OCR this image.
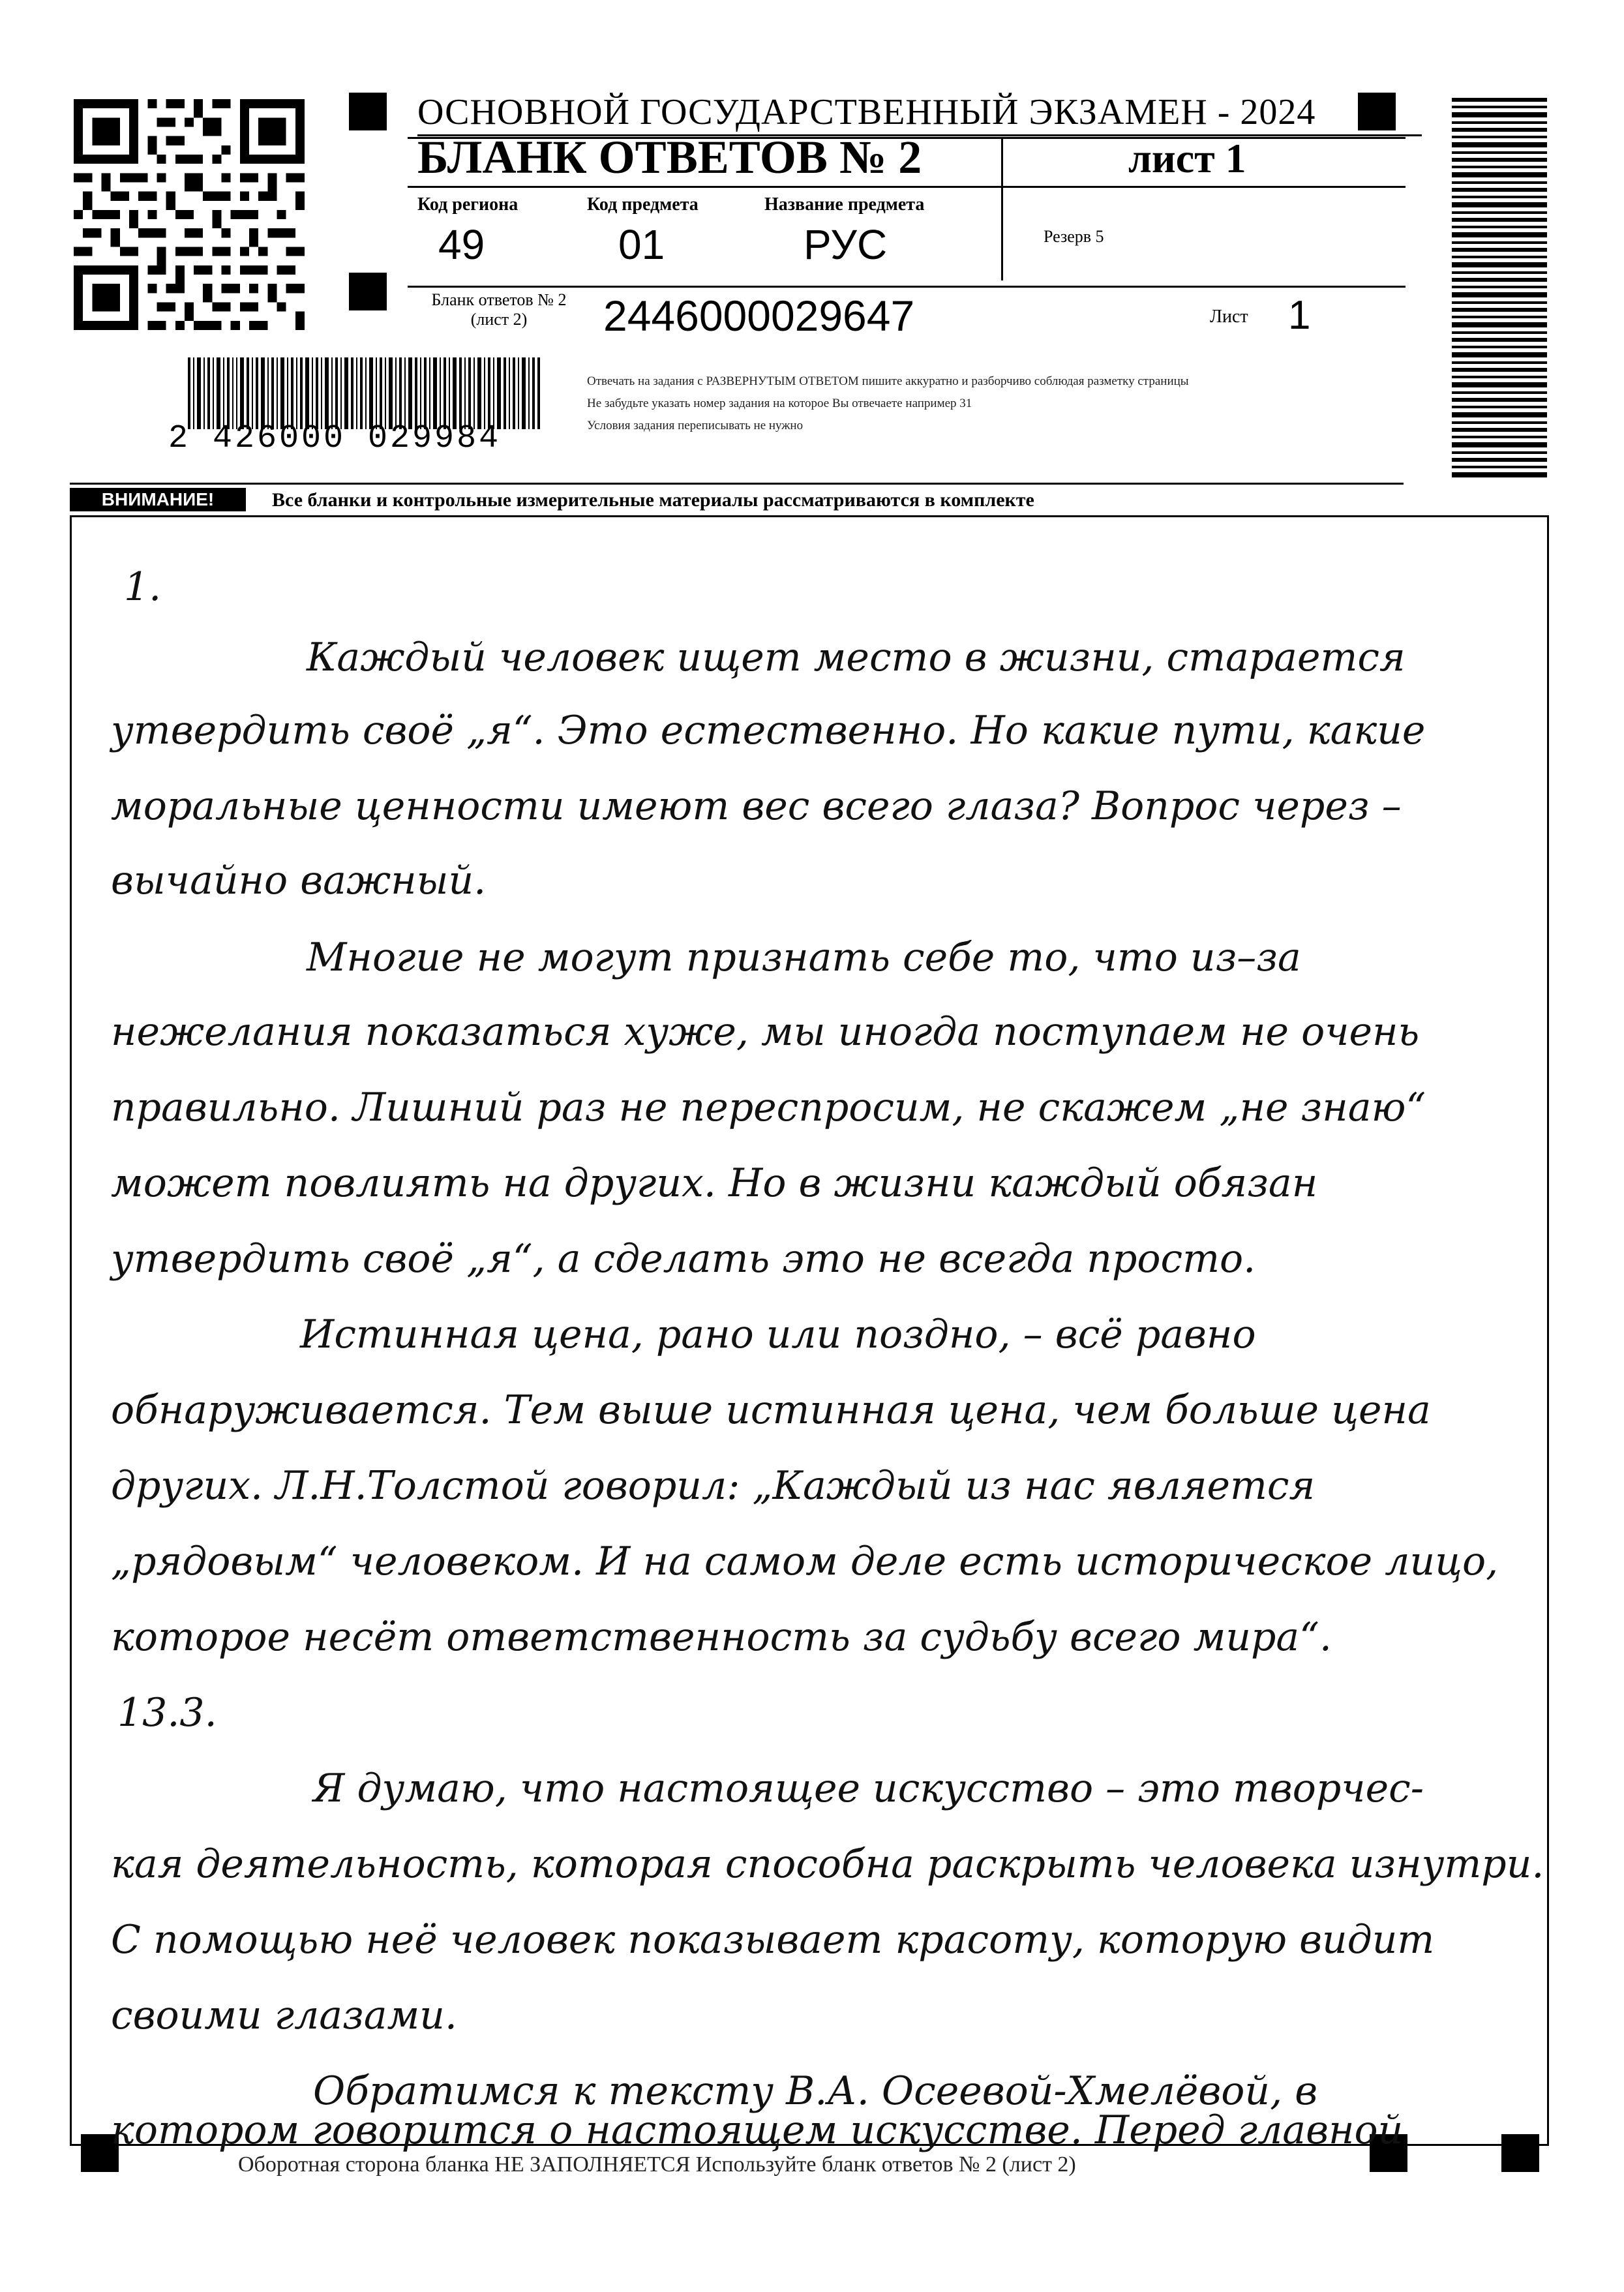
2 426000 029984
ОСНОВНОЙ ГОСУДАРСТВЕННЫЙ ЭКЗАМЕН - 2024
БЛАНК ОТВЕТОВ № 2	лист 1
Код региона
49
Код предмета
01
Название предмета
РУС	Резерв 5
Бланк ответов № 2
(лист 2)	2446000029647	Лист 1
Отвечать на задания с РАЗВЕРНУТЫМ ОТВЕТОМ пишите аккуратно и разборчиво соблюдая разметку страницы
Не забудьте указать номер задания на которое Вы отвечаете например 31
Условия задания переписывать не нужно
ВНИМАНИЕ!	Все бланки и контрольные измерительные материалы рассматриваются в комплекте
1.
Каждый человек ищет место в жизни, старается
утвердить своё „я“. Это естественно. Но какие пути, какие
моральные ценности имеют вес всего глаза? Вопрос через –
вычайно важный.
Многие не могут признать себе то, что из–за
нежелания показаться хуже, мы иногда поступаем не очень
правильно. Лишний раз не переспросим, не скажем „не знаю“
может повлиять на других. Но в жизни каждый обязан
утвердить своё „я“, а сделать это не всегда просто.
Истинная цена, рано или поздно, – всё равно
обнаруживается. Тем выше истинная цена, чем больше цена
других. Л.Н.Толстой говорил: „Каждый из нас является
„рядовым“ человеком. И на самом деле есть историческое лицо,
которое несёт ответственность за судьбу всего мира“.
13.3.
Я думаю, что настоящее искусство – это творчес-
кая деятельность, которая способна раскрыть человека изнутри.
С помощью неё человек показывает красоту, которую видит
своими глазами.
Обратимся к тексту В.А. Осеевой-Хмелёвой, в
котором говорится о настоящем искусстве. Перед главной
Оборотная сторона бланка НЕ ЗАПОЛНЯЕТСЯ Используйте бланк ответов № 2 (лист 2)
